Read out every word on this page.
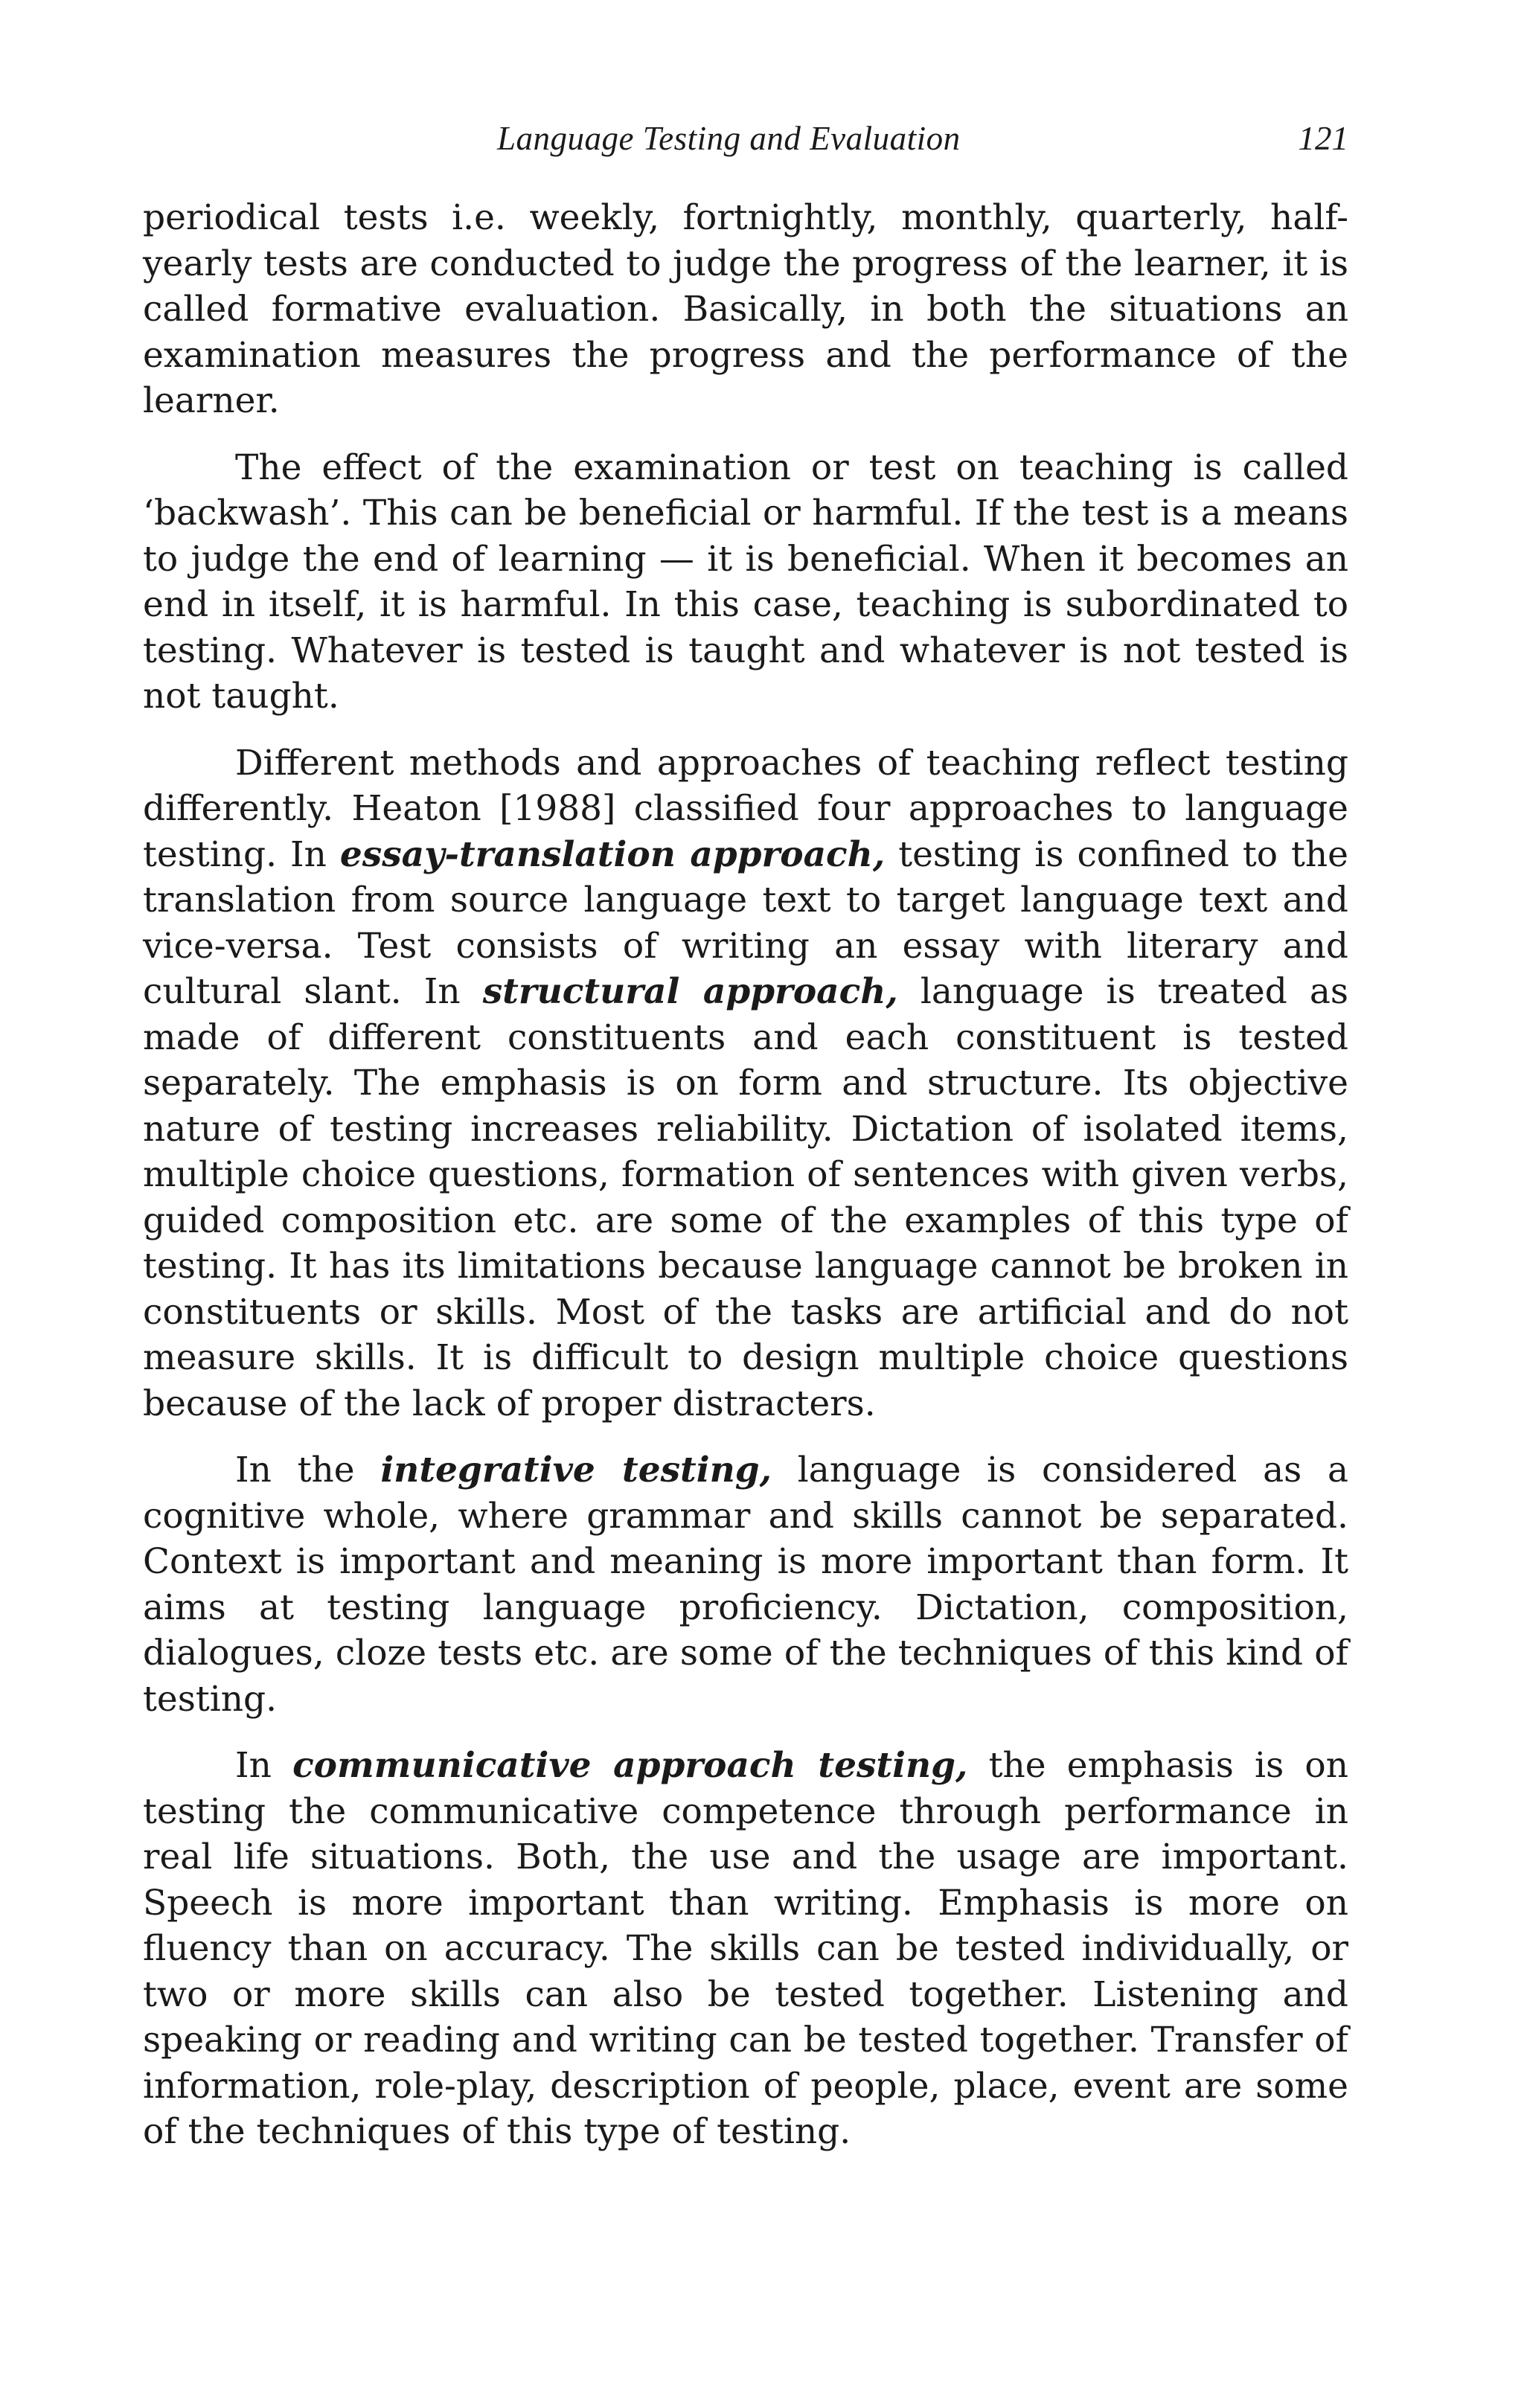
Language Testing and Evaluation	121

periodical tests i.e. weekly, fortnightly, monthly, quarterly, half-yearly tests are conducted to judge the progress of the learner, it is called formative evaluation. Basically, in both the situations an examination measures the progress and the performance of the learner.

The effect of the examination or test on teaching is called ‘backwash’. This can be beneficial or harmful. If the test is a means to judge the end of learning — it is beneficial. When it becomes an end in itself, it is harmful. In this case, teaching is subordinated to testing. Whatever is tested is taught and whatever is not tested is not taught.

Different methods and approaches of teaching reflect testing differently. Heaton [1988] classified four approaches to language testing. In essay-translation approach, testing is confined to the translation from source language text to target language text and vice-versa. Test consists of writing an essay with literary and cultural slant. In structural approach, language is treated as made of different constituents and each constituent is tested separately. The emphasis is on form and structure. Its objective nature of testing increases reliability. Dictation of isolated items, multiple choice questions, formation of sentences with given verbs, guided composition etc. are some of the examples of this type of testing. It has its limitations because language cannot be broken in constituents or skills. Most of the tasks are artificial and do not measure skills. It is difficult to design multiple choice questions because of the lack of proper distracters.

In the integrative testing, language is considered as a cognitive whole, where grammar and skills cannot be separated. Context is important and meaning is more important than form. It aims at testing language proficiency. Dictation, composition, dialogues, cloze tests etc. are some of the techniques of this kind of testing.

In communicative approach testing, the emphasis is on testing the communicative competence through performance in real life situations. Both, the use and the usage are important. Speech is more important than writing. Emphasis is more on fluency than on accuracy. The skills can be tested individually, or two or more skills can also be tested together. Listening and speaking or reading and writing can be tested together. Transfer of information, role-play, description of people, place, event are some of the techniques of this type of testing.
